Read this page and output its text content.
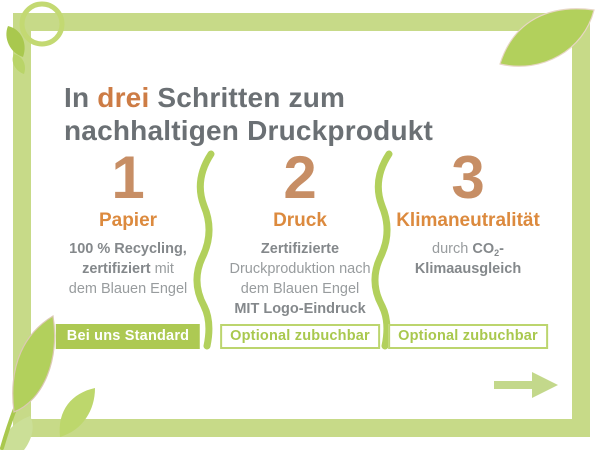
In drei Schritten zum
nachhaltigen Druckprodukt
1
Papier
100 % Recycling,
zertifiziert mit
dem Blauen Engel
Bei uns Standard
2
Druck
Zertifizierte
Druckproduktion nach
dem Blauen Engel
MIT Logo-Eindruck
Optional zubuchbar
3
Klimaneutralität
durch $CO_2-$
Klimaausgleich
Optional zubuchbar
